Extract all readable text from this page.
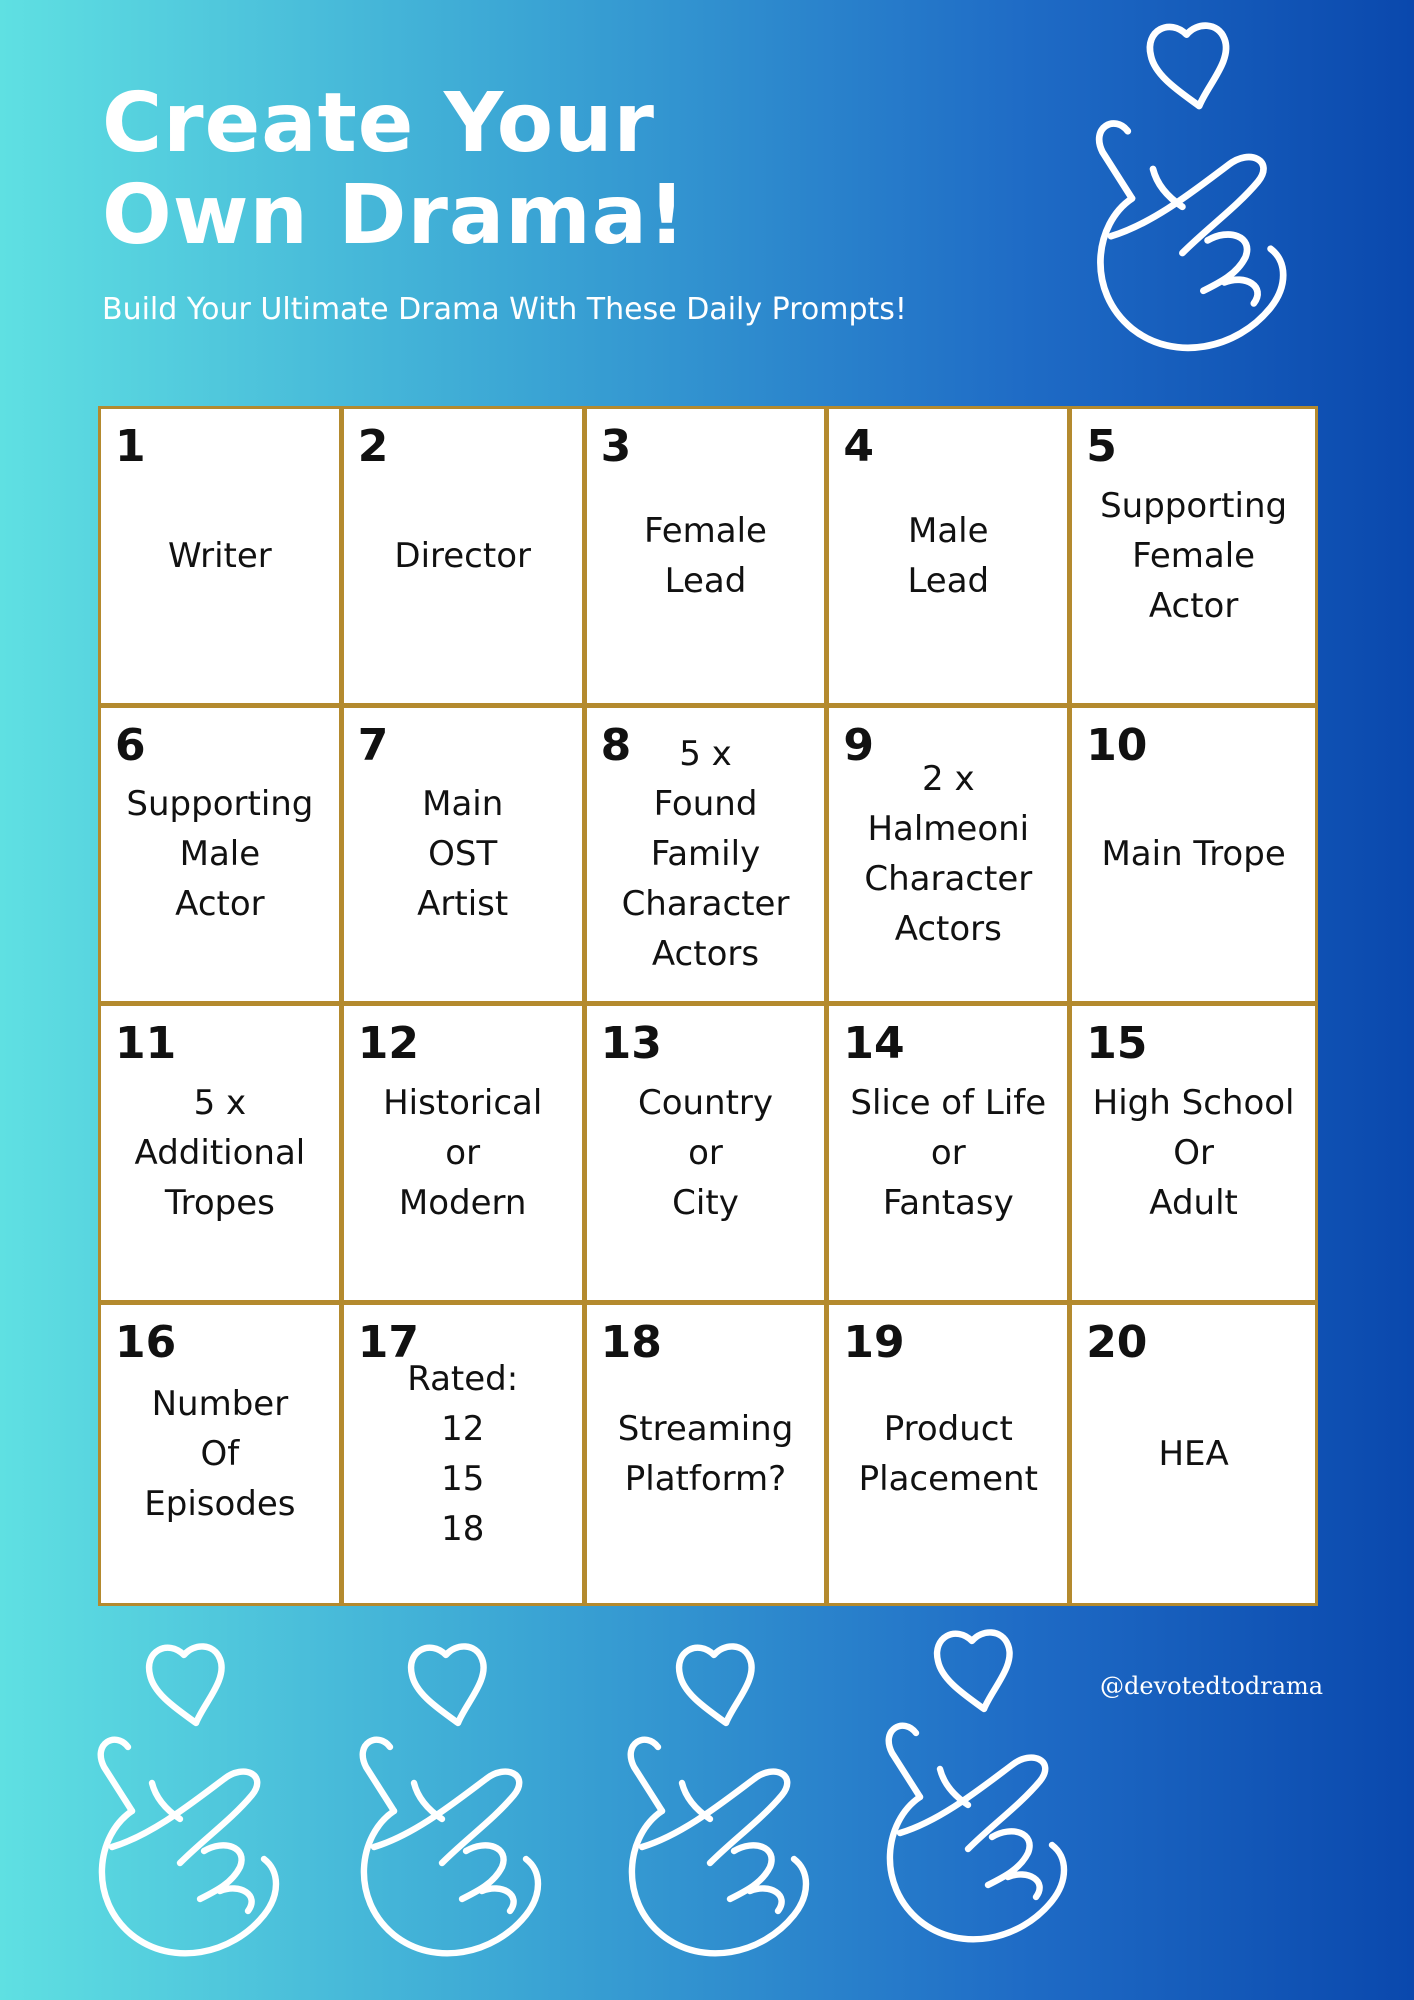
Create Your
Own Drama!

Build Your Ultimate Drama With These Daily Prompts!

1
Writer
2
Director
3
Female
Lead
4
Male
Lead
5
Supporting
Female
Actor
6
Supporting
Male
Actor
7
Main
OST
Artist
8	5 x
Found
Family
Character
Actors
9
2 x
Halmeoni
Character
Actors
10
Main Trope
11
5 x
Additional
Tropes
12
Historical
or
Modern
13
Country
or
City
14
Slice of Life
or
Fantasy
15
High School
Or
Adult
16
Number
Of
Episodes
17
Rated:
12
15
18
18
Streaming
Platform?
19
Product
Placement
20
HEA

@devotedtodrama
